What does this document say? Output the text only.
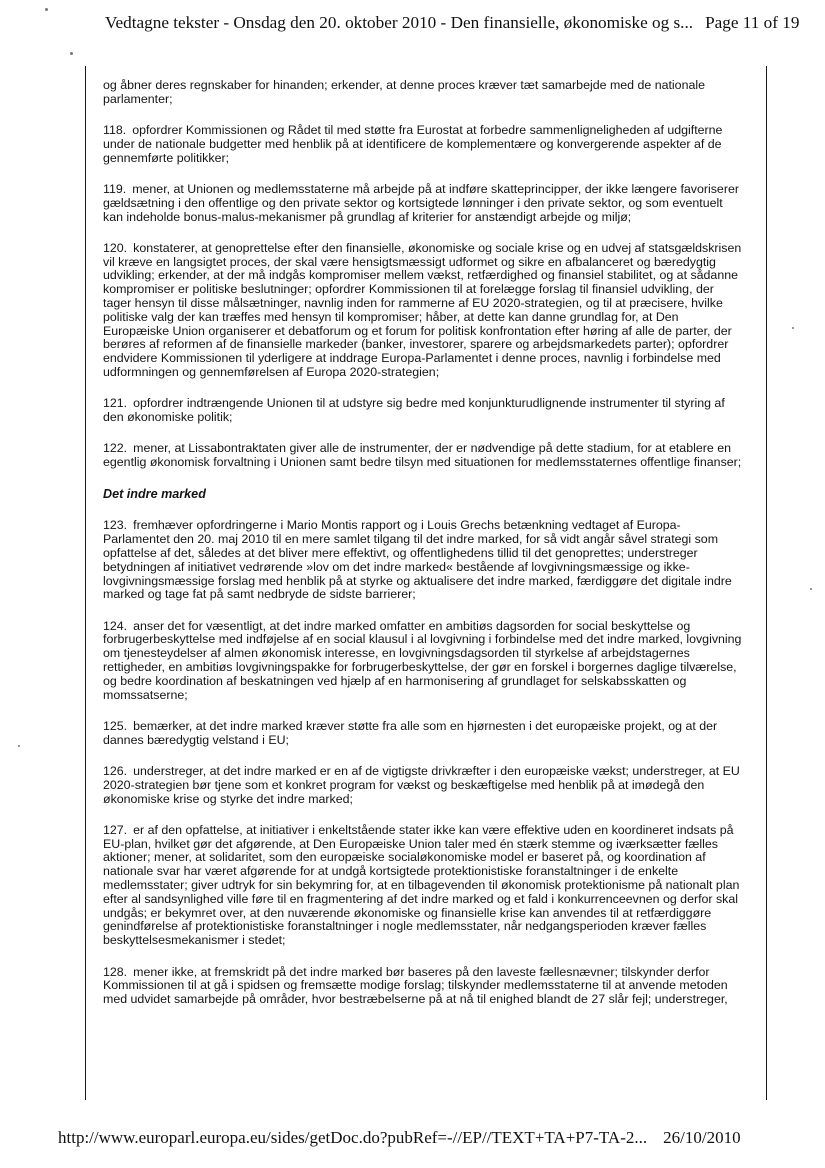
Vedtagne tekster - Onsdag den 20. oktober 2010 - Den finansielle, økonomiske og s... Page 11 of 19

og åbner deres regnskaber for hinanden; erkender, at denne proces kræver tæt samarbejde med de nationale parlamenter;

118. opfordrer Kommissionen og Rådet til med støtte fra Eurostat at forbedre sammenligneligheden af udgifterne under de nationale budgetter med henblik på at identificere de komplementære og konvergerende aspekter af de gennemførte politikker;

119. mener, at Unionen og medlemsstaterne må arbejde på at indføre skatteprincipper, der ikke længere favoriserer gældsætning i den offentlige og den private sektor og kortsigtede lønninger i den private sektor, og som eventuelt kan indeholde bonus-malus-mekanismer på grundlag af kriterier for anstændigt arbejde og miljø;

120. konstaterer, at genoprettelse efter den finansielle, økonomiske og sociale krise og en udvej af statsgældskrisen vil kræve en langsigtet proces, der skal være hensigtsmæssigt udformet og sikre en afbalanceret og bæredygtig udvikling; erkender, at der må indgås kompromiser mellem vækst, retfærdighed og finansiel stabilitet, og at sådanne kompromiser er politiske beslutninger; opfordrer Kommissionen til at forelægge forslag til finansiel udvikling, der tager hensyn til disse målsætninger, navnlig inden for rammerne af EU 2020-strategien, og til at præcisere, hvilke politiske valg der kan træffes med hensyn til kompromiser; håber, at dette kan danne grundlag for, at Den Europæiske Union organiserer et debatforum og et forum for politisk konfrontation efter høring af alle de parter, der berøres af reformen af de finansielle markeder (banker, investorer, sparere og arbejdsmarkedets parter); opfordrer endvidere Kommissionen til yderligere at inddrage Europa-Parlamentet i denne proces, navnlig i forbindelse med udformningen og gennemførelsen af Europa 2020-strategien;

121. opfordrer indtrængende Unionen til at udstyre sig bedre med konjunkturudlignende instrumenter til styring af den økonomiske politik;

122. mener, at Lissabontraktaten giver alle de instrumenter, der er nødvendige på dette stadium, for at etablere en egentlig økonomisk forvaltning i Unionen samt bedre tilsyn med situationen for medlemsstaternes offentlige finanser;

Det indre marked

123. fremhæver opfordringerne i Mario Montis rapport og i Louis Grechs betænkning vedtaget af Europa-Parlamentet den 20. maj 2010 til en mere samlet tilgang til det indre marked, for så vidt angår såvel strategi som opfattelse af det, således at det bliver mere effektivt, og offentlighedens tillid til det genoprettes; understreger betydningen af initiativet vedrørende »lov om det indre marked« bestående af lovgivningsmæssige og ikke-lovgivningsmæssige forslag med henblik på at styrke og aktualisere det indre marked, færdiggøre det digitale indre marked og tage fat på samt nedbryde de sidste barrierer;

124. anser det for væsentligt, at det indre marked omfatter en ambitiøs dagsorden for social beskyttelse og forbrugerbeskyttelse med indføjelse af en social klausul i al lovgivning i forbindelse med det indre marked, lovgivning om tjenesteydelser af almen økonomisk interesse, en lovgivningsdagsorden til styrkelse af arbejdstagernes rettigheder, en ambitiøs lovgivningspakke for forbrugerbeskyttelse, der gør en forskel i borgernes daglige tilværelse, og bedre koordination af beskatningen ved hjælp af en harmonisering af grundlaget for selskabsskatten og momssatserne;

125. bemærker, at det indre marked kræver støtte fra alle som en hjørnesten i det europæiske projekt, og at der dannes bæredygtig velstand i EU;

126. understreger, at det indre marked er en af de vigtigste drivkræfter i den europæiske vækst; understreger, at EU 2020-strategien bør tjene som et konkret program for vækst og beskæftigelse med henblik på at imødegå den økonomiske krise og styrke det indre marked;

127. er af den opfattelse, at initiativer i enkeltstående stater ikke kan være effektive uden en koordineret indsats på EU-plan, hvilket gør det afgørende, at Den Europæiske Union taler med én stærk stemme og iværksætter fælles aktioner; mener, at solidaritet, som den europæiske socialøkonomiske model er baseret på, og koordination af nationale svar har været afgørende for at undgå kortsigtede protektionistiske foranstaltninger i de enkelte medlemsstater; giver udtryk for sin bekymring for, at en tilbagevenden til økonomisk protektionisme på nationalt plan efter al sandsynlighed ville føre til en fragmentering af det indre marked og et fald i konkurrenceevnen og derfor skal undgås; er bekymret over, at den nuværende økonomiske og finansielle krise kan anvendes til at retfærdiggøre genindførelse af protektionistiske foranstaltninger i nogle medlemsstater, når nedgangsperioden kræver fælles beskyttelsesmekanismer i stedet;

128. mener ikke, at fremskridt på det indre marked bør baseres på den laveste fællesnævner; tilskynder derfor Kommissionen til at gå i spidsen og fremsætte modige forslag; tilskynder medlemsstaterne til at anvende metoden med udvidet samarbejde på områder, hvor bestræbelserne på at nå til enighed blandt de 27 slår fejl; understreger,

http://www.europarl.europa.eu/sides/getDoc.do?pubRef=-//EP//TEXT+TA+P7-TA-2... 26/10/2010
